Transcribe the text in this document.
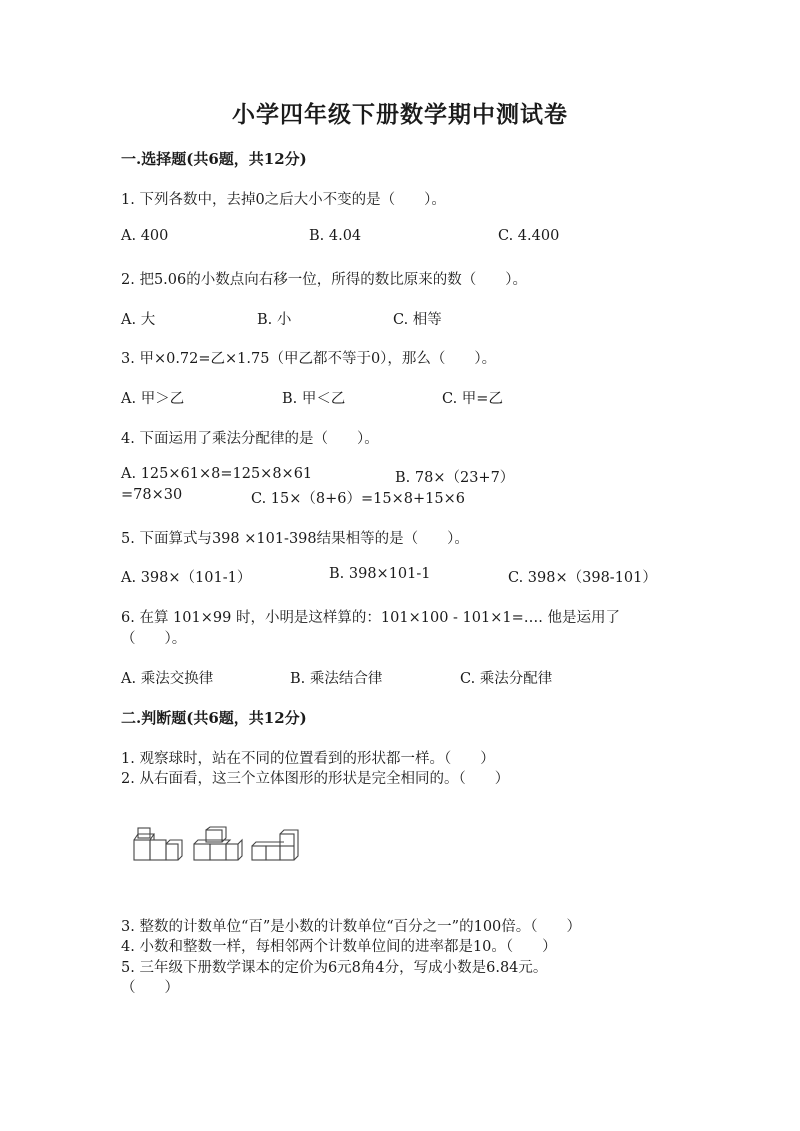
小学四年级下册数学期中测试卷
一.选择题(共6题，共12分)
1. 下列各数中，去掉0之后大小不变的是（　　）。
A. 400	B. 4.04	C. 4.400
2. 把5.06的小数点向右移一位，所得的数比原来的数（　　）。
A. 大	B. 小	C. 相等
3. 甲×0.72=乙×1.75（甲乙都不等于0），那么（　　）。
A. 甲＞乙	B. 甲＜乙	C. 甲=乙
4. 下面运用了乘法分配律的是（　　）。
A. 125×61×8=125×8×61	B. 78×（23+7）
=78×30	C. 15×（8+6）=15×8+15×6
5. 下面算式与398 ×101-398结果相等的是（　　）。
A. 398×（101-1）	B. 398×101-1	C. 398×（398-101）
6. 在算 101×99 时，小明是这样算的：101×100 - 101×1=…. 他是运用了
（　　）。
A. 乘法交换律	B. 乘法结合律	C. 乘法分配律
二.判断题(共6题，共12分)
1. 观察球时，站在不同的位置看到的形状都一样。（　　）
2. 从右面看，这三个立体图形的形状是完全相同的。（　　）
3. 整数的计数单位“百”是小数的计数单位“百分之一”的100倍。（　　）
4. 小数和整数一样，每相邻两个计数单位间的进率都是10。（　　）
5. 三年级下册数学课本的定价为6元8角4分，写成小数是6.84元。
（　　）
